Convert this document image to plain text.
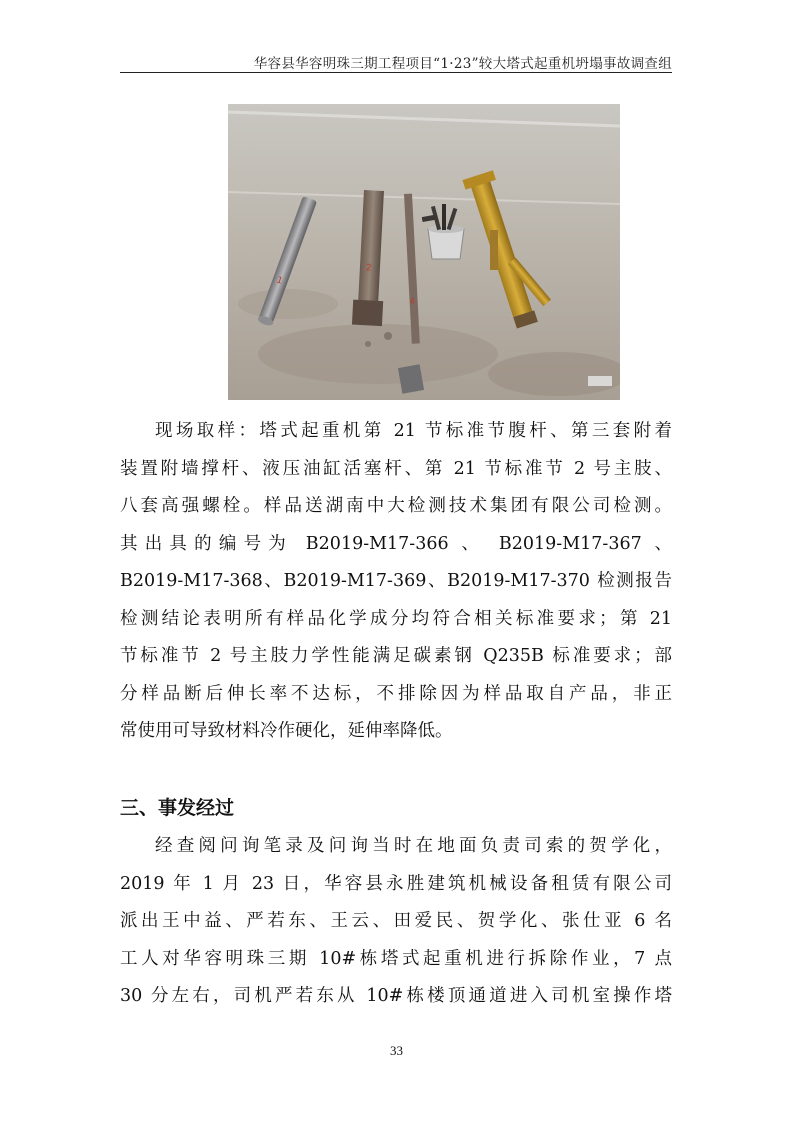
华容县华容明珠三期工程项目“1·23”较大塔式起重机坍塌事故调查组
1
2
4
现场取样：塔式起重机第 21 节标准节腹杆、第三套附着
装置附墙撑杆、液压油缸活塞杆、第 21 节标准节 2 号主肢、
八套高强螺栓。样品送湖南中大检测技术集团有限公司检测。
其出具的编号为 B2019-M17-366 、 B2019-M17-367 、
B2019-M17-368、B2019-M17-369、B2019-M17-370 检测报告
检测结论表明所有样品化学成分均符合相关标准要求；第 21
节标准节 2 号主肢力学性能满足碳素钢 Q235B 标准要求；部
分样品断后伸长率不达标，不排除因为样品取自产品，非正
常使用可导致材料冷作硬化，延伸率降低。
三、事发经过
经查阅问询笔录及问询当时在地面负责司索的贺学化，
2019 年 1 月 23 日，华容县永胜建筑机械设备租赁有限公司
派出王中益、严若东、王云、田爱民、贺学化、张仕亚 6 名
工人对华容明珠三期 10#栋塔式起重机进行拆除作业，7 点
30 分左右，司机严若东从 10#栋楼顶通道进入司机室操作塔
33
